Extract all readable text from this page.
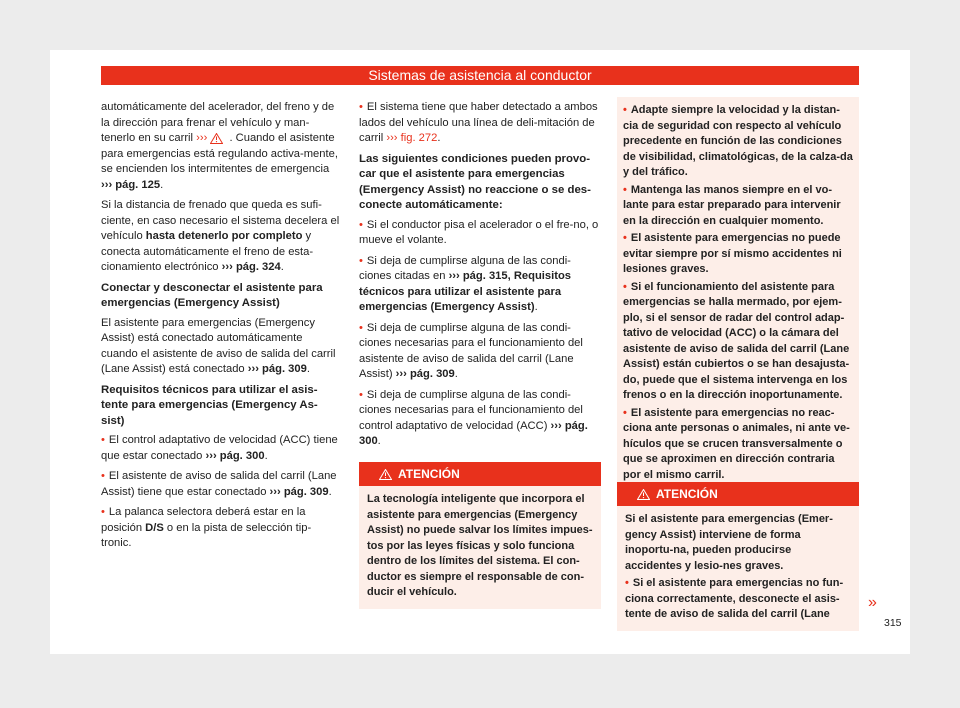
Sistemas de asistencia al conductor

automáticamente del acelerador, del freno y de la dirección para frenar el vehículo y man-tenerlo en su carril ››› . Cuando el asistente para emergencias está regulando activa-mente, se encienden los intermitentes de emergencia ››› pág. 125.

Si la distancia de frenado que queda es sufi-ciente, en caso necesario el sistema decelera el vehículo hasta detenerlo por completo y conecta automáticamente el freno de esta-cionamiento electrónico ››› pág. 324.

Conectar y desconectar el asistente para emergencias (Emergency Assist)

El asistente para emergencias (Emergency Assist) está conectado automáticamente cuando el asistente de aviso de salida del carril (Lane Assist) está conectado ››› pág. 309.

Requisitos técnicos para utilizar el asis-tente para emergencias (Emergency As-sist)

• El control adaptativo de velocidad (ACC) tiene que estar conectado ››› pág. 300.

• El asistente de aviso de salida del carril (Lane Assist) tiene que estar conectado ››› pág. 309.

• La palanca selectora deberá estar en la posición D/S o en la pista de selección tip-tronic.

• El sistema tiene que haber detectado a ambos lados del vehículo una línea de deli-mitación de carril ››› fig. 272.

Las siguientes condiciones pueden provo-car que el asistente para emergencias (Emergency Assist) no reaccione o se des-conecte automáticamente:

• Si el conductor pisa el acelerador o el fre-no, o mueve el volante.

• Si deja de cumplirse alguna de las condi-ciones citadas en ››› pág. 315, Requisitos técnicos para utilizar el asistente para emergencias (Emergency Assist).

• Si deja de cumplirse alguna de las condi-ciones necesarias para el funcionamiento del asistente de aviso de salida del carril (Lane Assist) ››› pág. 309.

• Si deja de cumplirse alguna de las condi-ciones necesarias para el funcionamiento del control adaptativo de velocidad (ACC) ››› pág. 300.

ATENCIÓN

La tecnología inteligente que incorpora el asistente para emergencias (Emergency Assist) no puede salvar los límites impues-tos por las leyes físicas y solo funciona dentro de los límites del sistema. El con-ductor es siempre el responsable de con-ducir el vehículo.

• Adapte siempre la velocidad y la distan-cia de seguridad con respecto al vehículo precedente en función de las condiciones de visibilidad, climatológicas, de la calza-da y del tráfico.

• Mantenga las manos siempre en el vo-lante para estar preparado para intervenir en la dirección en cualquier momento.

• El asistente para emergencias no puede evitar siempre por sí mismo accidentes ni lesiones graves.

• Si el funcionamiento del asistente para emergencias se halla mermado, por ejem-plo, si el sensor de radar del control adap-tativo de velocidad (ACC) o la cámara del asistente de aviso de salida del carril (Lane Assist) están cubiertos o se han desajusta-do, puede que el sistema intervenga en los frenos o en la dirección inoportunamente.

• El asistente para emergencias no reac-ciona ante personas o animales, ni ante ve-hículos que se crucen transversalmente o que se aproximen en dirección contraria por el mismo carril.

ATENCIÓN

Si el asistente para emergencias (Emer-gency Assist) interviene de forma inoportu-na, pueden producirse accidentes y lesio-nes graves.

• Si el asistente para emergencias no fun-ciona correctamente, desconecte el asis-tente de aviso de salida del carril (Lane

»
315
